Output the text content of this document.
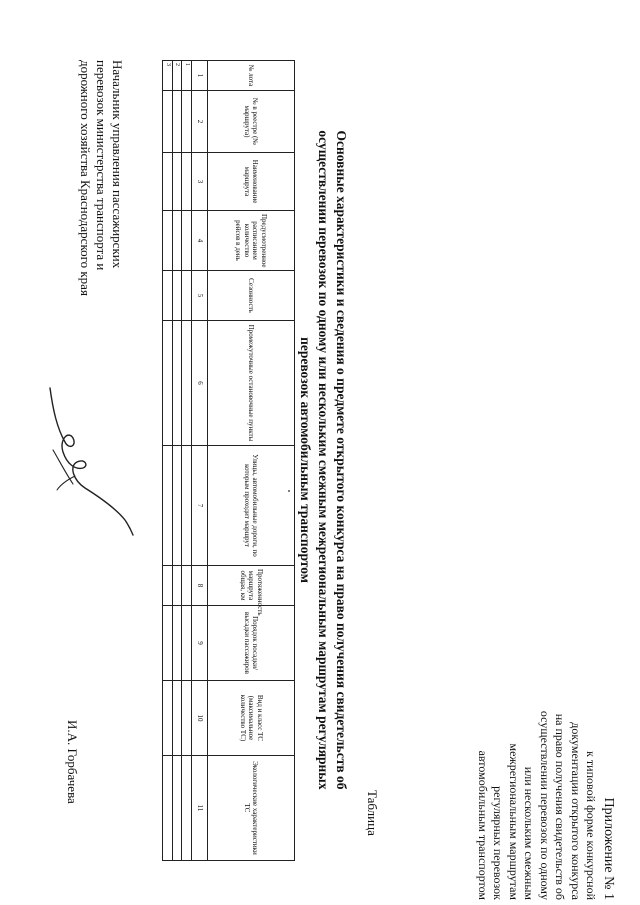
Приложение № 1
к типовой форме конкурсной
документации открытого конкурса
на право получения свидетельств об
осуществлении перевозок по одному
или нескольким смежным
межрегиональным маршрутам
регулярных перевозок
автомобильным транспортом
Таблица
Основные характеристики и сведения о предмете открытого конкурса на право получения свидетельств об
осуществлении перевозок по одному или нескольким смежным межрегиональным маршрутам регулярных
перевозок автомобильным транспортом
№ лота	№ в реестре (№ маршрута)	Наименование маршрута	Предусмотренное расписанием количество рейсов в день	Сезонность	Промежуточные остановочные пункты	Улицы, автомобильные дороги, по которым проходит маршрут	Протяженность маршрута общая, км	Порядок посадки/ высадки пассажиров	Вид и класс ТС (максимальное количество ТС)	Экологические характеристики ТС
1	2	3	4	5	6	7	8	9	10	11
1										
2										
3										
Начальник управления пассажирских
перевозок министерства транспорта и
дорожного хозяйства Краснодарского края
И.А. Горбачева
